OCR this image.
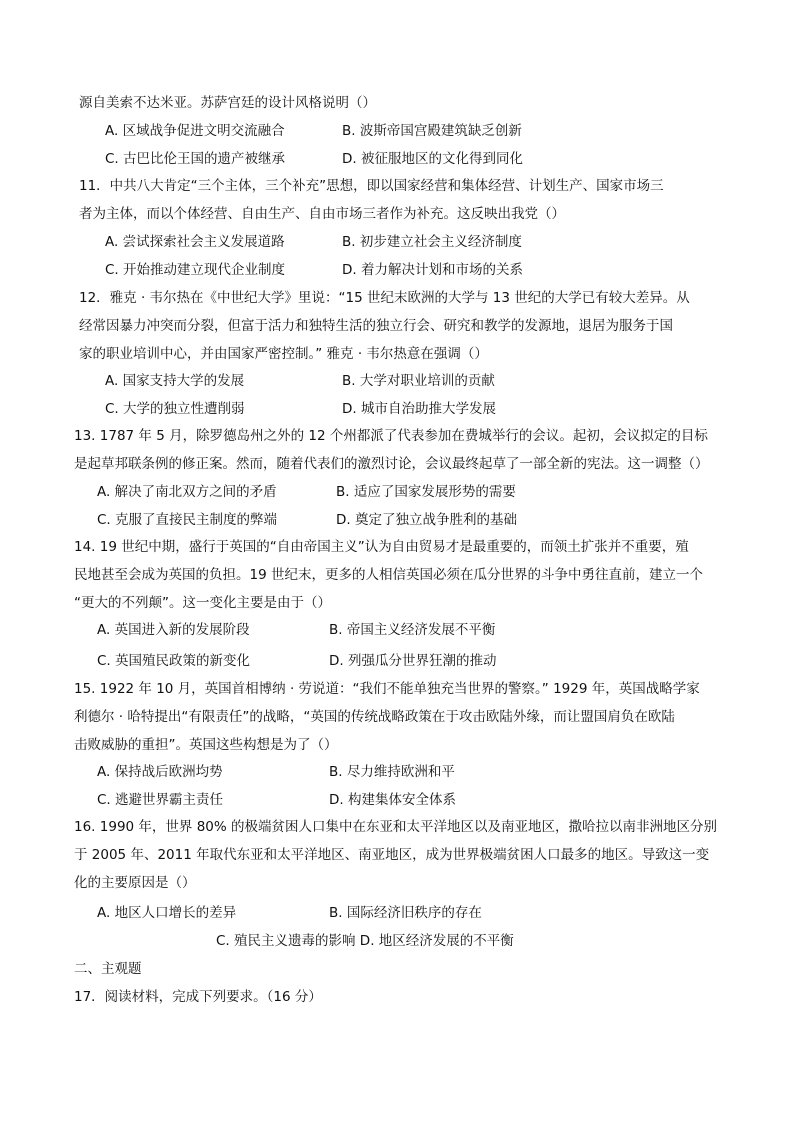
源自美索不达米亚。苏萨宫廷的设计风格说明（）
A. 区域战争促进文明交流融合	B. 波斯帝国宫殿建筑缺乏创新
C. 古巴比伦王国的遗产被继承	D. 被征服地区的文化得到同化
11．中共八大肯定“三个主体，三个补充”思想，即以国家经营和集体经营、计划生产、国家市场三
者为主体，而以个体经营、自由生产、自由市场三者作为补充。这反映出我党（）
A. 尝试探索社会主义发展道路	B. 初步建立社会主义经济制度
C. 开始推动建立现代企业制度	D. 着力解决计划和市场的关系
12．雅克 · 韦尔热在《中世纪大学》里说：“15 世纪末欧洲的大学与 13 世纪的大学已有较大差异。从
经常因暴力冲突而分裂，但富于活力和独特生活的独立行会、研究和教学的发源地，退居为服务于国
家的职业培训中心，并由国家严密控制。” 雅克 · 韦尔热意在强调（）
A. 国家支持大学的发展	B. 大学对职业培训的贡献
C. 大学的独立性遭削弱	D. 城市自治助推大学发展
13. 1787 年 5 月，除罗德岛州之外的 12 个州都派了代表参加在费城举行的会议。起初，会议拟定的目标
是起草邦联条例的修正案。然而，随着代表们的激烈讨论，会议最终起草了一部全新的宪法。这一调整（）
A. 解决了南北双方之间的矛盾	B. 适应了国家发展形势的需要
C. 克服了直接民主制度的弊端	D. 奠定了独立战争胜利的基础
14. 19 世纪中期，盛行于英国的“自由帝国主义”认为自由贸易才是最重要的，而领土扩张并不重要，殖
民地甚至会成为英国的负担。19 世纪末，更多的人相信英国必须在瓜分世界的斗争中勇往直前，建立一个
“更大的不列颠”。这一变化主要是由于（）
A. 英国进入新的发展阶段	B. 帝国主义经济发展不平衡
C. 英国殖民政策的新变化	D. 列强瓜分世界狂潮的推动
15. 1922 年 10 月，英国首相博纳 · 劳说道：“我们不能单独充当世界的警察。” 1929 年，英国战略学家
利德尔 · 哈特提出“有限责任”的战略，“英国的传统战略政策在于攻击欧陆外缘，而让盟国肩负在欧陆
击败威胁的重担”。英国这些构想是为了（）
A. 保持战后欧洲均势	B. 尽力维持欧洲和平
C. 逃避世界霸主责任	D. 构建集体安全体系
16. 1990 年，世界 80% 的极端贫困人口集中在东亚和太平洋地区以及南亚地区，撒哈拉以南非洲地区分别
于 2005 年、2011 年取代东亚和太平洋地区、南亚地区，成为世界极端贫困人口最多的地区。导致这一变
化的主要原因是（）
A. 地区人口增长的差异	B. 国际经济旧秩序的存在
C. 殖民主义遗毒的影响 D. 地区经济发展的不平衡
二、主观题
17．阅读材料，完成下列要求。（16 分）
